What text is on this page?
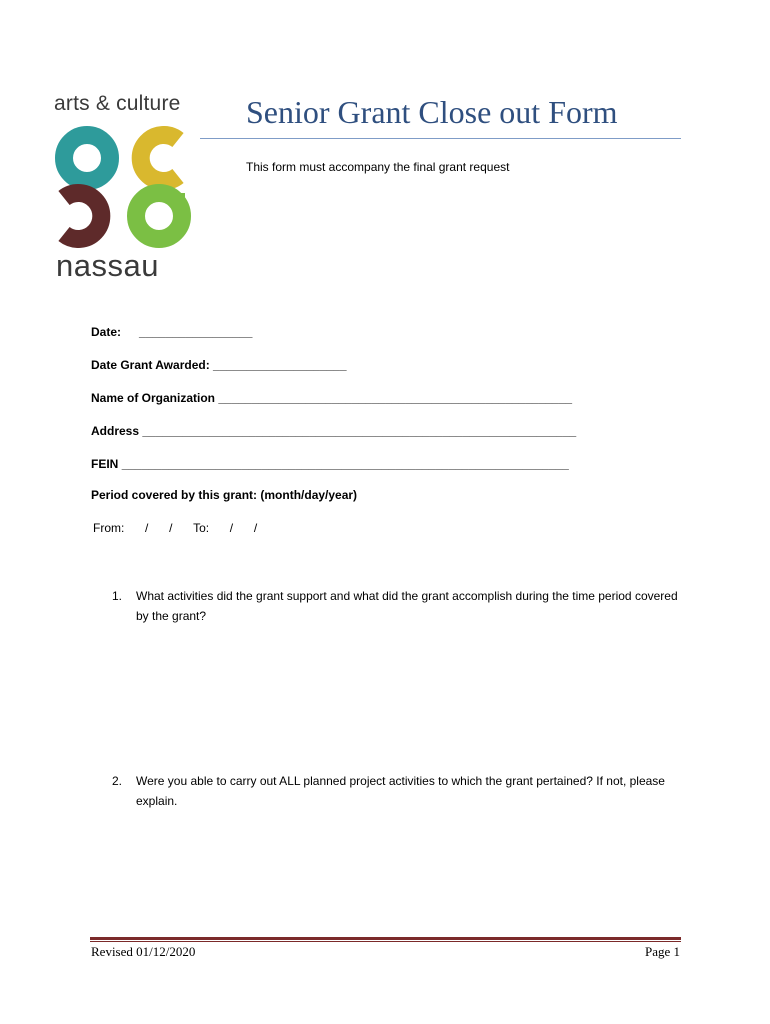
arts & culture
nassau
Senior Grant Close out Form
This form must accompany the final grant request
Date: _________________
Date Grant Awarded: ____________________
Name of Organization _____________________________________________________
Address _________________________________________________________________
FEIN ___________________________________________________________________
Period covered by this grant: (month/day/year)
From: / / To: / /
1. What activities did the grant support and what did the grant accomplish during the time period covered by the grant?
2. Were you able to carry out ALL planned project activities to which the grant pertained? If not, please explain.
Revised 01/12/2020	Page 1
